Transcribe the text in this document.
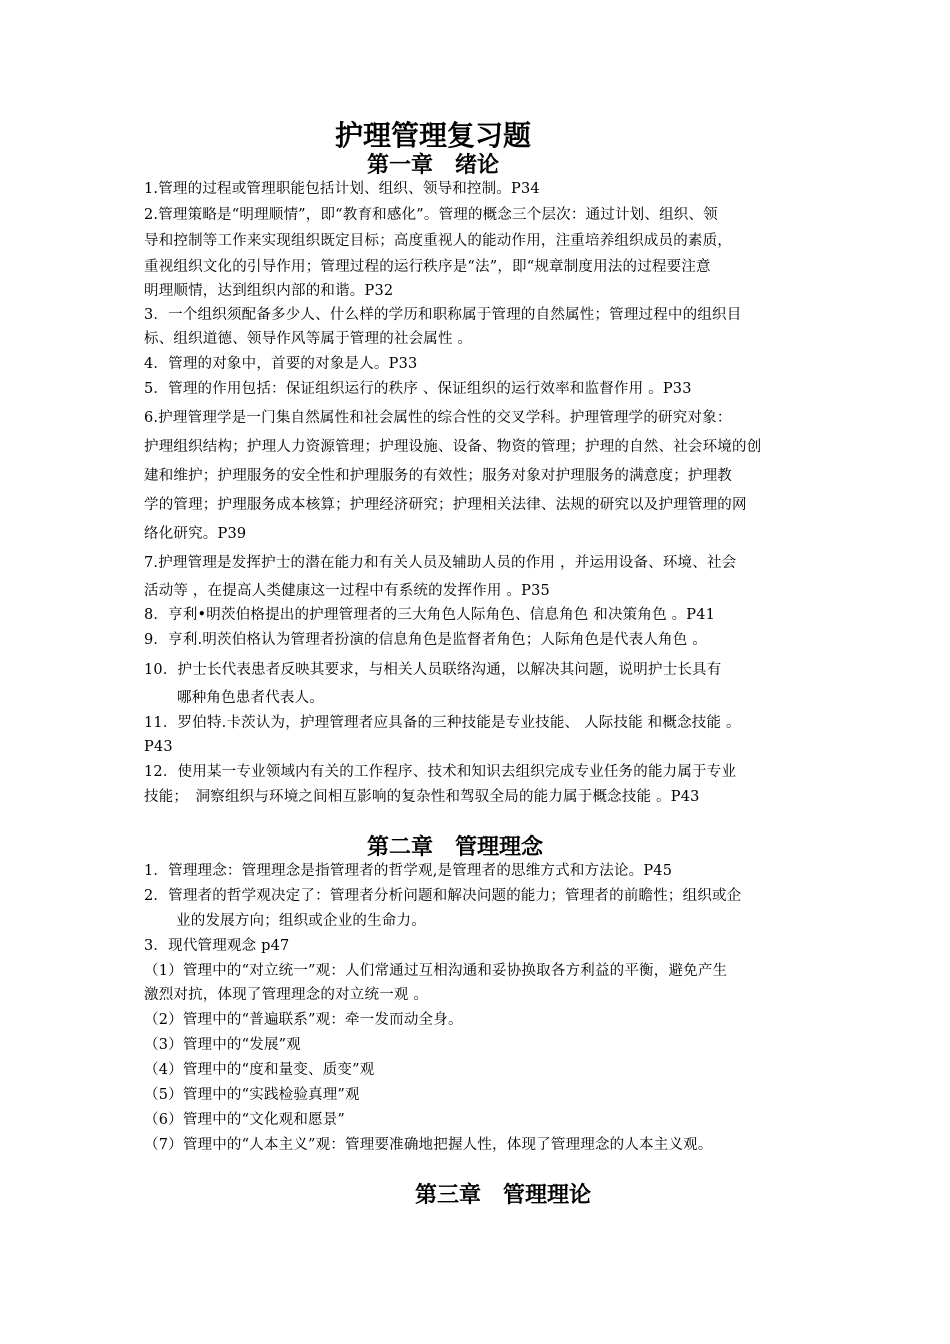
护理管理复习题
第一章　绪论
1.管理的过程或管理职能包括计划、组织、领导和控制。P34
2.管理策略是“明理顺情”，即“教育和感化”。管理的概念三个层次：通过计划、组织、领
导和控制等工作来实现组织既定目标；高度重视人的能动作用，注重培养组织成员的素质，
重视组织文化的引导作用；管理过程的运行秩序是“法”，即“规章制度用法的过程要注意
明理顺情，达到组织内部的和谐。P32
3．一个组织须配备多少人、什么样的学历和职称属于管理的自然属性；管理过程中的组织目
标、组织道德、领导作风等属于管理的社会属性 。
4．管理的对象中，首要的对象是人。P33
5．管理的作用包括：保证组织运行的秩序 、保证组织的运行效率和监督作用 。P33
6.护理管理学是一门集自然属性和社会属性的综合性的交叉学科。护理管理学的研究对象：
护理组织结构；护理人力资源管理；护理设施、设备、物资的管理；护理的自然、社会环境的创
建和维护；护理服务的安全性和护理服务的有效性；服务对象对护理服务的满意度；护理教
学的管理；护理服务成本核算；护理经济研究；护理相关法律、法规的研究以及护理管理的网
络化研究。P39
7.护理管理是发挥护士的潜在能力和有关人员及辅助人员的作用 ，并运用设备、环境、社会
活动等 ，在提高人类健康这一过程中有系统的发挥作用 。P35
8．亨利•明茨伯格提出的护理管理者的三大角色人际角色、信息角色 和决策角色 。P41
9．亨利.明茨伯格认为管理者扮演的信息角色是监督者角色；人际角色是代表人角色 。
10．护士长代表患者反映其要求，与相关人员联络沟通，以解决其问题，说明护士长具有
哪种角色患者代表人。
11．罗伯特.卡茨认为，护理管理者应具备的三种技能是专业技能、 人际技能 和概念技能 。
P43
12．使用某一专业领域内有关的工作程序、技术和知识去组织完成专业任务的能力属于专业
技能；　洞察组织与环境之间相互影响的复杂性和驾驭全局的能力属于概念技能 。P43
第二章　管理理念
1．管理理念：管理理念是指管理者的哲学观,是管理者的思维方式和方法论。P45
2．管理者的哲学观决定了：管理者分析问题和解决问题的能力；管理者的前瞻性；组织或企
业的发展方向；组织或企业的生命力。
3．现代管理观念 p47
（1）管理中的“对立统一”观：人们常通过互相沟通和妥协换取各方利益的平衡，避免产生
激烈对抗，体现了管理理念的对立统一观 。
（2）管理中的“普遍联系”观：牵一发而动全身。
（3）管理中的“发展”观
（4）管理中的“度和量变、质变”观
（5）管理中的“实践检验真理”观
（6）管理中的“文化观和愿景”
（7）管理中的“人本主义”观：管理要准确地把握人性，体现了管理理念的人本主义观。
第三章　管理理论
